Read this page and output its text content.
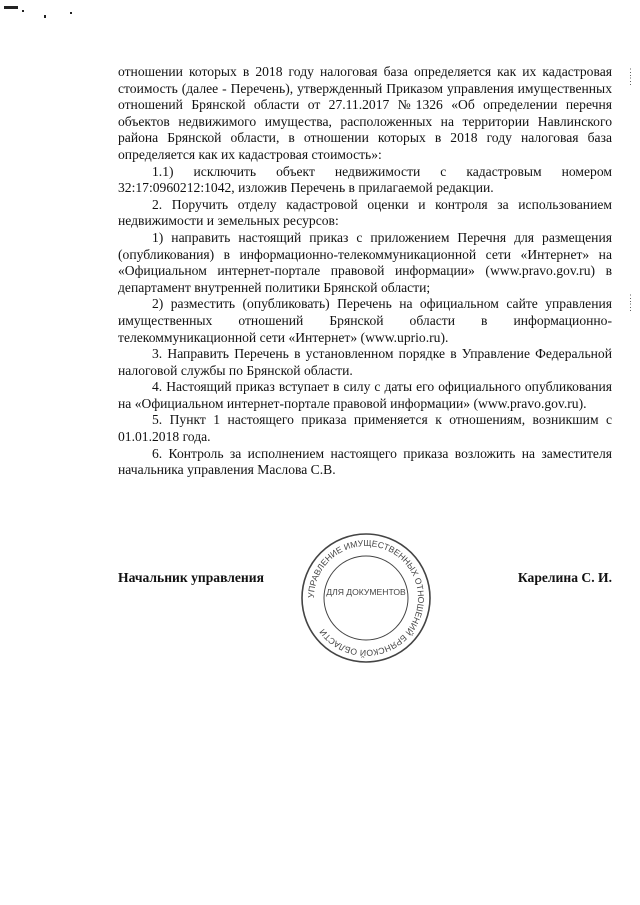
⋮
⋮
⋮
⋮

отношении которых в 2018 году налоговая база определяется как их кадастровая стоимость (далее - Перечень), утвержденный Приказом управления имущественных отношений Брянской области от 27.11.2017 №1326 «Об определении перечня объектов недвижимого имущества, расположенных на территории Навлинского района Брянской области, в отношении которых в 2018 году налоговая база определяется как их кадастровая стоимость»:

1.1) исключить объект недвижимости с кадастровым номером 32:17:0960212:1042, изложив Перечень в прилагаемой редакции.

2. Поручить отделу кадастровой оценки и контроля за использованием недвижимости и земельных ресурсов:

1) направить настоящий приказ с приложением Перечня для размещения (опубликования) в информационно-телекоммуникационной сети «Интернет» на «Официальном интернет-портале правовой информации» (www.pravo.gov.ru) в департамент внутренней политики Брянской области;

2) разместить (опубликовать) Перечень на официальном сайте управления имущественных отношений Брянской области в информационно-телекоммуникационной сети «Интернет» (www.uprio.ru).

3. Направить Перечень в установленном порядке в Управление Федеральной налоговой службы по Брянской области.

4. Настоящий приказ вступает в силу с даты его официального опубликования на «Официальном интернет-портале правовой информации» (www.pravo.gov.ru).

5. Пункт 1 настоящего приказа применяется к отношениям, возникшим с 01.01.2018 года.

6. Контроль за исполнением настоящего приказа возложить на заместителя начальника управления Маслова С.В.

УПРАВЛЕНИЕ ИМУЩЕСТВЕННЫХ ОТНОШЕНИЙ БРЯНСКОЙ ОБЛАСТИ
ДЛЯ ДОКУМЕНТОВ
Начальник управления	Карелина С. И.
